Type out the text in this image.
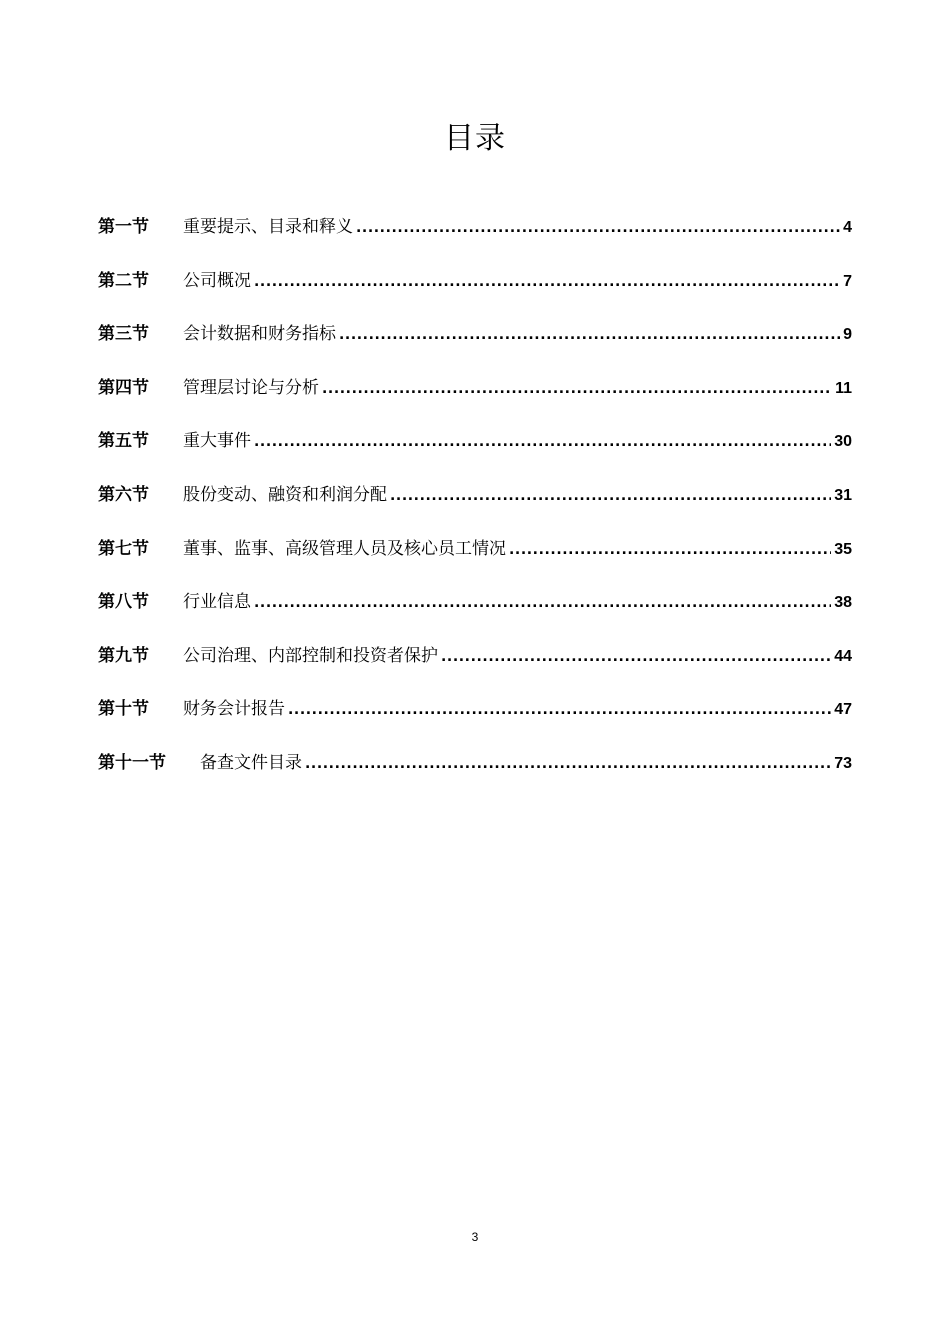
目录
第一节	重要提示、目录和释义 .....	4
第二节	公司概况 .....	7
第三节	会计数据和财务指标 .....	9
第四节	管理层讨论与分析 .....	11
第五节	重大事件 .....	30
第六节	股份变动、融资和利润分配 .....	31
第七节	董事、监事、高级管理人员及核心员工情况 .....	35
第八节	行业信息 .....	38
第九节	公司治理、内部控制和投资者保护 .....	44
第十节	财务会计报告 .....	47
第十一节	备查文件目录 .....	73
3
